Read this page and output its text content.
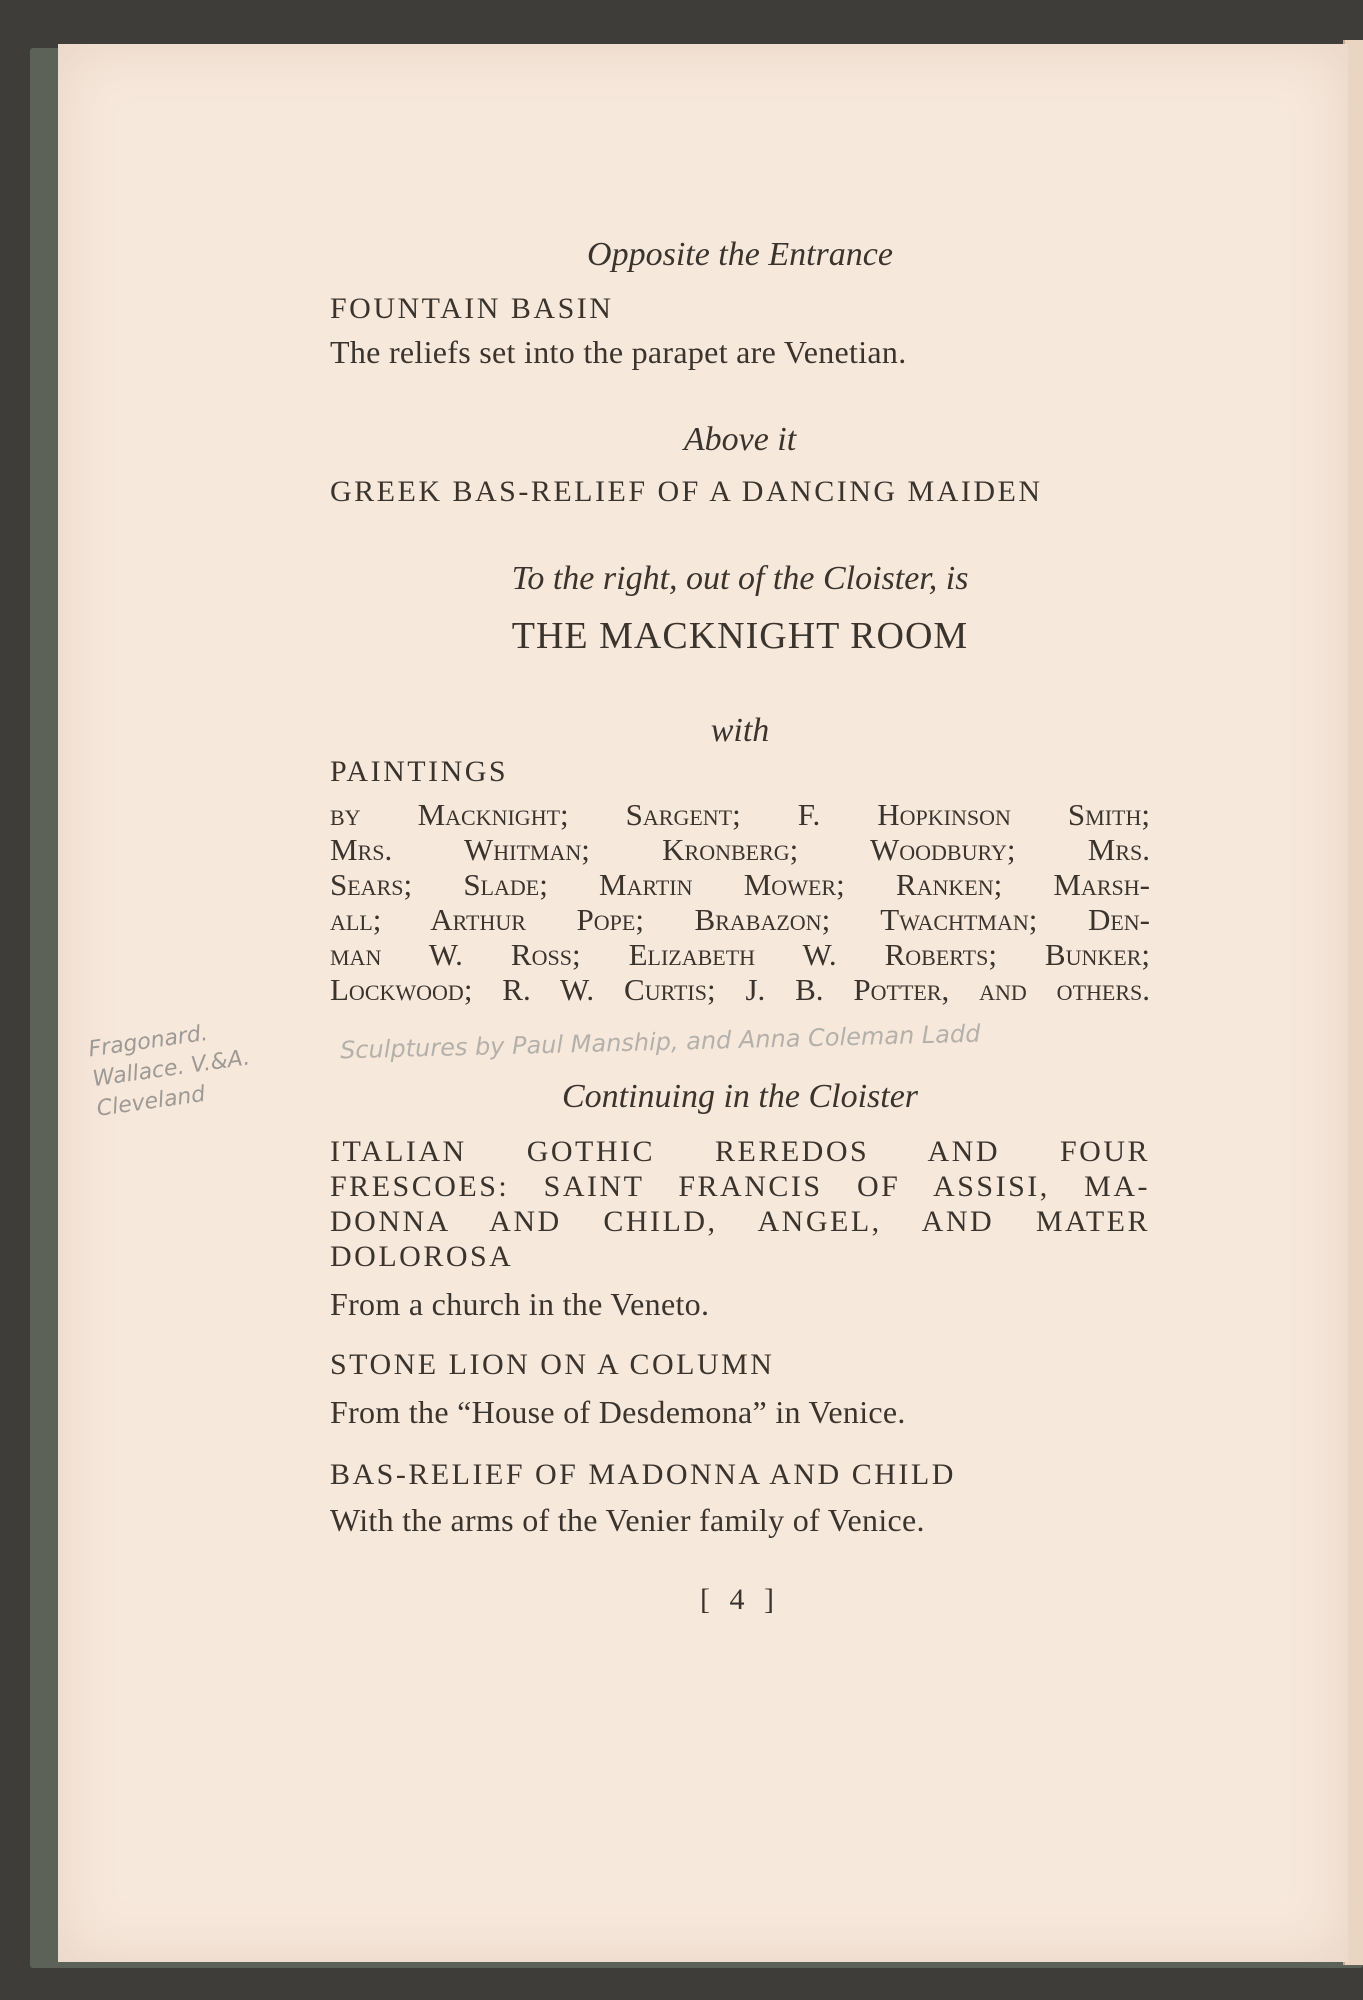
Opposite the Entrance
FOUNTAIN BASIN
The reliefs set into the parapet are Venetian.
Above it
GREEK BAS-RELIEF OF A DANCING MAIDEN
To the right, out of the Cloister, is
THE MACKNIGHT ROOM
with
PAINTINGS
by Macknight; Sargent; F. Hopkinson Smith;
Mrs. Whitman; Kronberg; Woodbury; Mrs.
Sears; Slade; Martin Mower; Ranken; Marsh-
all; Arthur Pope; Brabazon; Twachtman; Den-
man W. Ross; Elizabeth W. Roberts; Bunker;
Lockwood; R. W. Curtis; J. B. Potter, and others.
Fragonard. Wallace. V.&A. Cleveland
Sculptures by Paul Manship, and Anna Coleman Ladd
Continuing in the Cloister
ITALIAN GOTHIC REREDOS AND FOUR
FRESCOES: SAINT FRANCIS OF ASSISI, MA-
DONNA AND CHILD, ANGEL, AND MATER
DOLOROSA
From a church in the Veneto.
STONE LION ON A COLUMN
From the “House of Desdemona” in Venice.
BAS-RELIEF OF MADONNA AND CHILD
With the arms of the Venier family of Venice.
[ 4 ]
